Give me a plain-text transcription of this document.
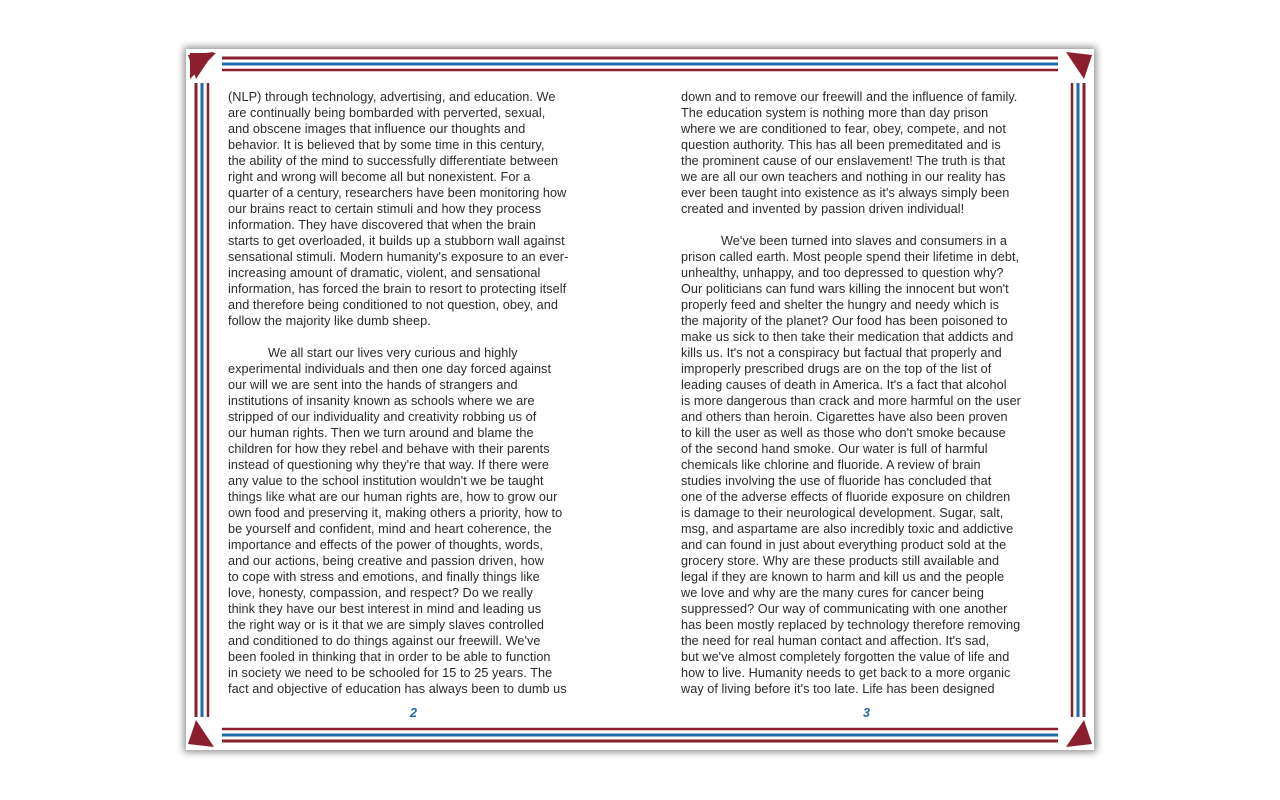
(NLP) through technology, advertising, and education. We
are continually being bombarded with perverted, sexual,
and obscene images that influence our thoughts and
behavior. It is believed that by some time in this century,
the ability of the mind to successfully differentiate between
right and wrong will become all but nonexistent. For a
quarter of a century, researchers have been monitoring how
our brains react to certain stimuli and how they process
information. They have discovered that when the brain
starts to get overloaded, it builds up a stubborn wall against
sensational stimuli. Modern humanity's exposure to an ever-
increasing amount of dramatic, violent, and sensational
information, has forced the brain to resort to protecting itself
and therefore being conditioned to not question, obey, and
follow the majority like dumb sheep.

We all start our lives very curious and highly
experimental individuals and then one day forced against
our will we are sent into the hands of strangers and
institutions of insanity known as schools where we are
stripped of our individuality and creativity robbing us of
our human rights. Then we turn around and blame the
children for how they rebel and behave with their parents
instead of questioning why they're that way. If there were
any value to the school institution wouldn't we be taught
things like what are our human rights are, how to grow our
own food and preserving it, making others a priority, how to
be yourself and confident, mind and heart coherence, the
importance and effects of the power of thoughts, words,
and our actions, being creative and passion driven, how
to cope with stress and emotions, and finally things like
love, honesty, compassion, and respect? Do we really
think they have our best interest in mind and leading us
the right way or is it that we are simply slaves controlled
and conditioned to do things against our freewill. We've
been fooled in thinking that in order to be able to function
in society we need to be schooled for 15 to 25 years. The
fact and objective of education has always been to dumb us

down and to remove our freewill and the influence of family.
The education system is nothing more than day prison
where we are conditioned to fear, obey, compete, and not
question authority. This has all been premeditated and is
the prominent cause of our enslavement! The truth is that
we are all our own teachers and nothing in our reality has
ever been taught into existence as it's always simply been
created and invented by passion driven individual!

We've been turned into slaves and consumers in a
prison called earth. Most people spend their lifetime in debt,
unhealthy, unhappy, and too depressed to question why?
Our politicians can fund wars killing the innocent but won't
properly feed and shelter the hungry and needy which is
the majority of the planet? Our food has been poisoned to
make us sick to then take their medication that addicts and
kills us. It's not a conspiracy but factual that properly and
improperly prescribed drugs are on the top of the list of
leading causes of death in America. It's a fact that alcohol
is more dangerous than crack and more harmful on the user
and others than heroin. Cigarettes have also been proven
to kill the user as well as those who don't smoke because
of the second hand smoke. Our water is full of harmful
chemicals like chlorine and fluoride. A review of brain
studies involving the use of fluoride has concluded that
one of the adverse effects of fluoride exposure on children
is damage to their neurological development. Sugar, salt,
msg, and aspartame are also incredibly toxic and addictive
and can found in just about everything product sold at the
grocery store. Why are these products still available and
legal if they are known to harm and kill us and the people
we love and why are the many cures for cancer being
suppressed? Our way of communicating with one another
has been mostly replaced by technology therefore removing
the need for real human contact and affection. It's sad,
but we've almost completely forgotten the value of life and
how to live. Humanity needs to get back to a more organic
way of living before it's too late. Life has been designed

2	3
